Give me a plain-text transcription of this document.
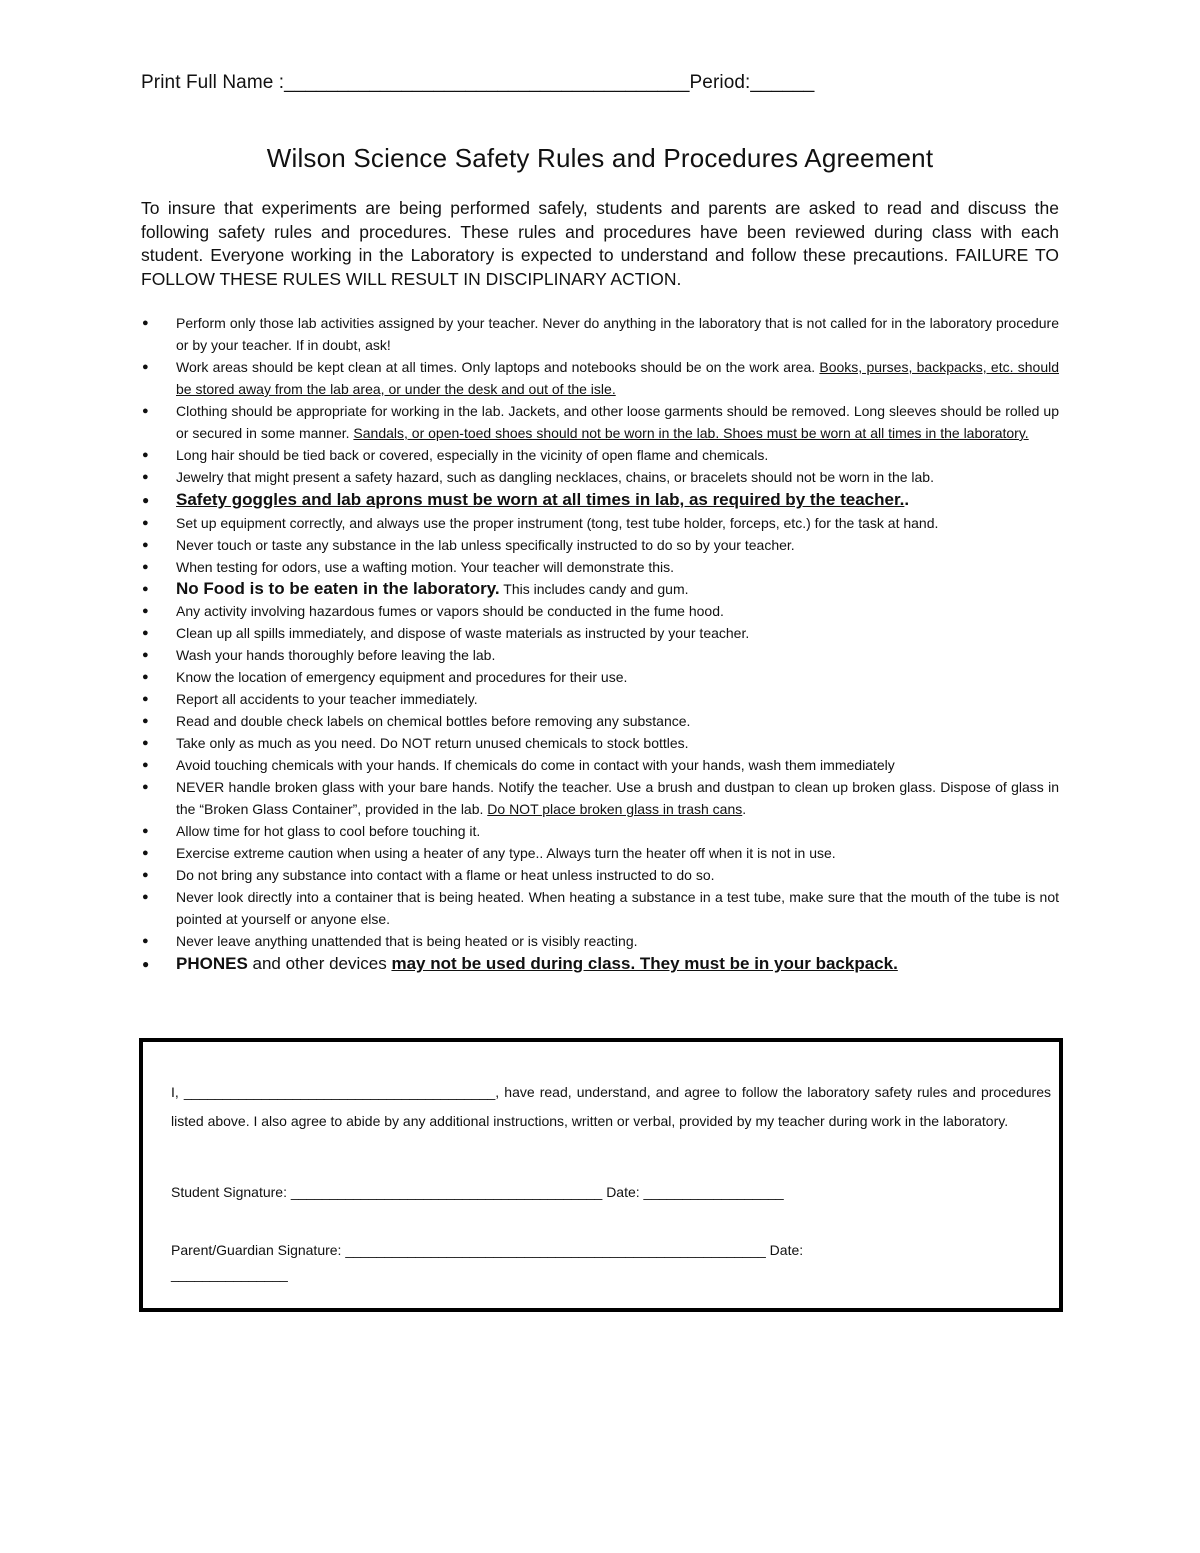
Print Full Name :______________________________________Period:______
Wilson Science Safety Rules and Procedures Agreement
To insure that experiments are being performed safely, students and parents are asked to read and discuss the following safety rules and procedures. These rules and procedures have been reviewed during class with each student. Everyone working in the Laboratory is expected to understand and follow these precautions. FAILURE TO FOLLOW THESE RULES WILL RESULT IN DISCIPLINARY ACTION.
● Perform only those lab activities assigned by your teacher. Never do anything in the laboratory that is not called for in the laboratory procedure or by your teacher. If in doubt, ask!
● Work areas should be kept clean at all times. Only laptops and notebooks should be on the work area. Books, purses, backpacks, etc. should be stored away from the lab area, or under the desk and out of the isle.
● Clothing should be appropriate for working in the lab. Jackets, and other loose garments should be removed. Long sleeves should be rolled up or secured in some manner. Sandals, or open-toed shoes should not be worn in the lab. Shoes must be worn at all times in the laboratory.
● Long hair should be tied back or covered, especially in the vicinity of open flame and chemicals.
● Jewelry that might present a safety hazard, such as dangling necklaces, chains, or bracelets should not be worn in the lab.
● Safety goggles and lab aprons must be worn at all times in lab, as required by the teacher..
● Set up equipment correctly, and always use the proper instrument (tong, test tube holder, forceps, etc.) for the task at hand.
● Never touch or taste any substance in the lab unless specifically instructed to do so by your teacher.
● When testing for odors, use a wafting motion. Your teacher will demonstrate this.
● No Food is to be eaten in the laboratory. This includes candy and gum.
● Any activity involving hazardous fumes or vapors should be conducted in the fume hood.
● Clean up all spills immediately, and dispose of waste materials as instructed by your teacher.
● Wash your hands thoroughly before leaving the lab.
● Know the location of emergency equipment and procedures for their use.
● Report all accidents to your teacher immediately.
● Read and double check labels on chemical bottles before removing any substance.
● Take only as much as you need. Do NOT return unused chemicals to stock bottles.
● Avoid touching chemicals with your hands. If chemicals do come in contact with your hands, wash them immediately
● NEVER handle broken glass with your bare hands. Notify the teacher. Use a brush and dustpan to clean up broken glass. Dispose of glass in the “Broken Glass Container”, provided in the lab. Do NOT place broken glass in trash cans.
● Allow time for hot glass to cool before touching it.
● Exercise extreme caution when using a heater of any type.. Always turn the heater off when it is not in use.
● Do not bring any substance into contact with a flame or heat unless instructed to do so.
● Never look directly into a container that is being heated. When heating a substance in a test tube, make sure that the mouth of the tube is not pointed at yourself or anyone else.
● Never leave anything unattended that is being heated or is visibly reacting.
● PHONES and other devices may not be used during class. They must be in your backpack.
I, ________________________________________, have read, understand, and agree to follow the laboratory safety rules and procedures listed above. I also agree to abide by any additional instructions, written or verbal, provided by my teacher during work in the laboratory.
Student Signature: ________________________________________ Date: __________________
Parent/Guardian Signature: ______________________________________________________ Date:
_______________
